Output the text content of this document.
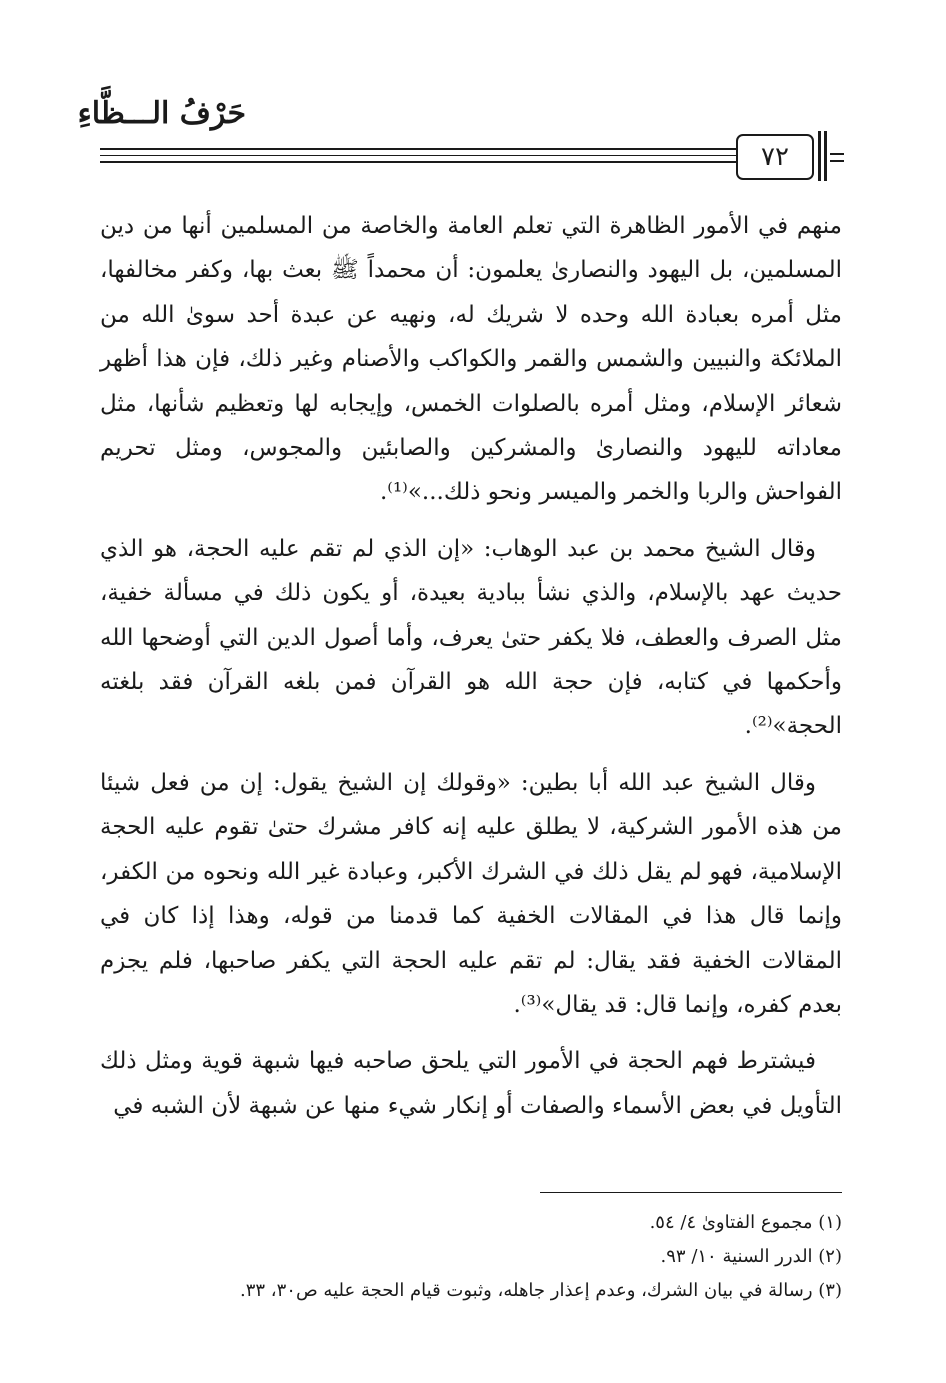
حَرْفُ الـــظَّاءِ
٧٢

منهم في الأمور الظاهرة التي تعلم العامة والخاصة من المسلمين أنها من دين المسلمين، بل اليهود والنصارىٰ يعلمون: أن محمداً ﷺ بعث بها، وكفر مخالفها، مثل أمره بعبادة الله وحده لا شريك له، ونهيه عن عبدة أحد سوىٰ الله من الملائكة والنبيين والشمس والقمر والكواكب والأصنام وغير ذلك، فإن هذا أظهر شعائر الإسلام، ومثل أمره بالصلوات الخمس، وإيجابه لها وتعظيم شأنها، مثل معاداته لليهود والنصارىٰ والمشركين والصابئين والمجوس، ومثل تحريم الفواحش والربا والخمر والميسر ونحو ذلك...»⁽¹⁾.

وقال الشيخ محمد بن عبد الوهاب: «إن الذي لم تقم عليه الحجة، هو الذي حديث عهد بالإسلام، والذي نشأ ببادية بعيدة، أو يكون ذلك في مسألة خفية، مثل الصرف والعطف، فلا يكفر حتىٰ يعرف، وأما أصول الدين التي أوضحها الله وأحكمها في كتابه، فإن حجة الله هو القرآن فمن بلغه القرآن فقد بلغته الحجة»⁽²⁾.

وقال الشيخ عبد الله أبا بطين: «وقولك إن الشيخ يقول: إن من فعل شيئا من هذه الأمور الشركية، لا يطلق عليه إنه كافر مشرك حتىٰ تقوم عليه الحجة الإسلامية، فهو لم يقل ذلك في الشرك الأكبر، وعبادة غير الله ونحوه من الكفر، وإنما قال هذا في المقالات الخفية كما قدمنا من قوله، وهذا إذا كان في المقالات الخفية فقد يقال: لم تقم عليه الحجة التي يكفر صاحبها، فلم يجزم بعدم كفره، وإنما قال: قد يقال»⁽³⁾.

فيشترط فهم الحجة في الأمور التي يلحق صاحبه فيها شبهة قوية ومثل ذلك التأويل في بعض الأسماء والصفات أو إنكار شيء منها عن شبهة لأن الشبه في

(١) مجموع الفتاوىٰ ٤/ ٥٤.
(٢) الدرر السنية ١٠/ ٩٣.
(٣) رسالة في بيان الشرك، وعدم إعذار جاهله، وثبوت قيام الحجة عليه ص٣٠، ٣٣.
